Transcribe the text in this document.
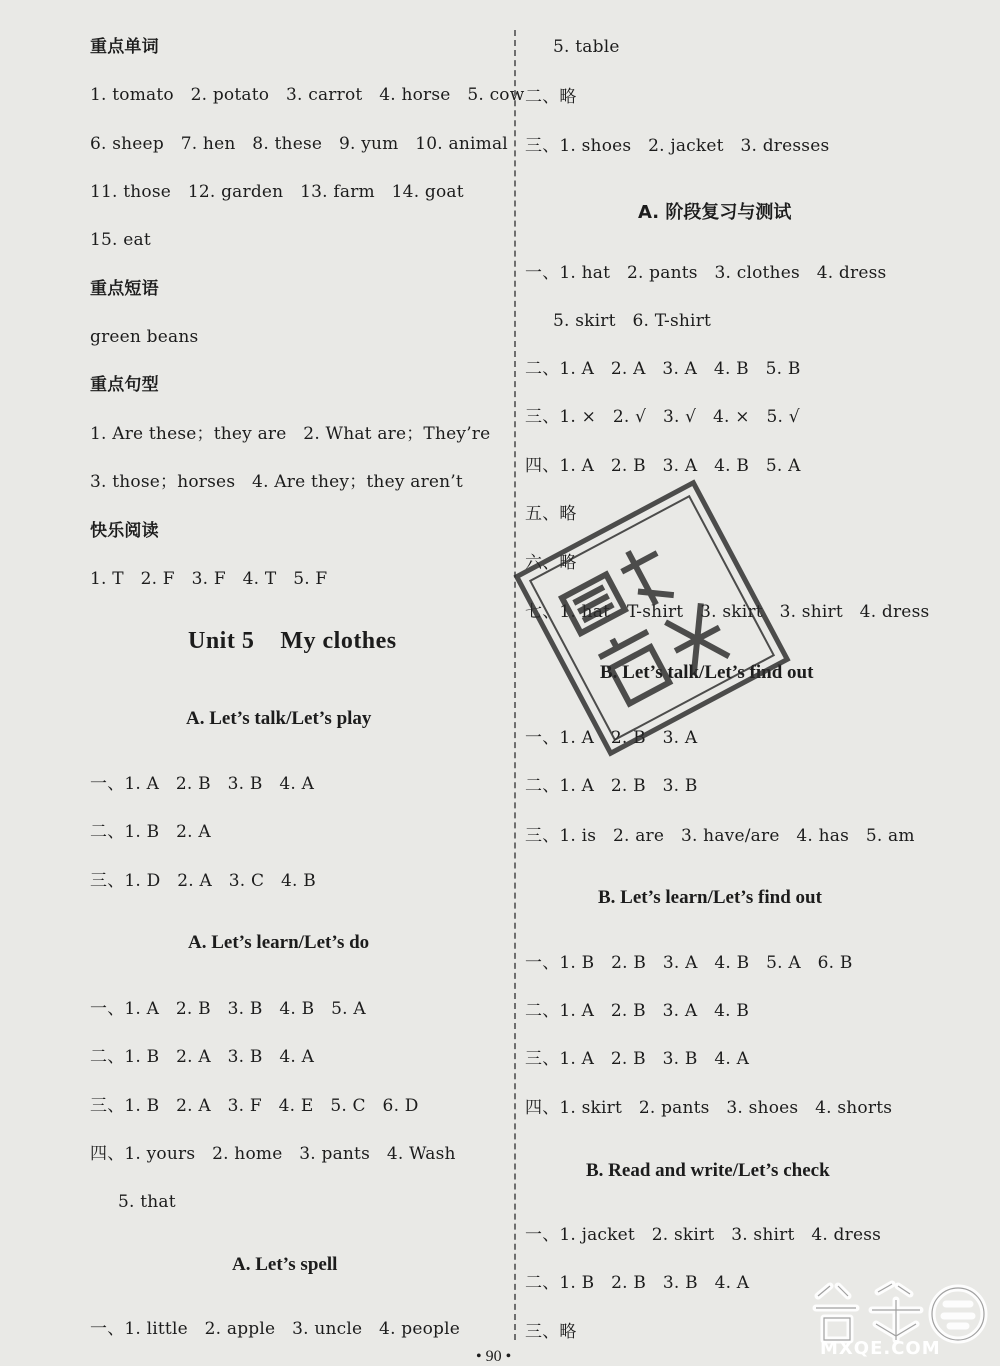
重点单词
1. tomato   2. potato   3. carrot   4. horse   5. cow
6. sheep   7. hen   8. these   9. yum   10. animal
11. those   12. garden   13. farm   14. goat
15. eat
重点短语
green beans
重点句型
1. Are these；they are   2. What are；They’re
3. those；horses   4. Are they；they aren’t
快乐阅读
1. T   2. F   3. F   4. T   5. F
Unit 5    My clothes
A. Let’s talk/Let’s play
一、1. A   2. B   3. B   4. A
二、1. B   2. A
三、1. D   2. A   3. C   4. B
A. Let’s learn/Let’s do
一、1. A   2. B   3. B   4. B   5. A
二、1. B   2. A   3. B   4. A
三、1. B   2. A   3. F   4. E   5. C   6. D
四、1. yours   2. home   3. pants   4. Wash
5. that
A. Let’s spell
一、1. little   2. apple   3. uncle   4. people
5. table
二、略
三、1. shoes   2. jacket   3. dresses
A. 阶段复习与测试
一、1. hat   2. pants   3. clothes   4. dress
5. skirt   6. T-shirt
二、1. A   2. A   3. A   4. B   5. B
三、1. ×   2. √   3. √   4. ×   5. √
四、1. A   2. B   3. A   4. B   5. A
五、略
六、略
七、1. hat   T-shirt   3. skirt   3. shirt   4. dress
B. Let’s talk/Let’s find out
一、1. A   2. B   3. A
二、1. A   2. B   3. B
三、1. is   2. are   3. have/are   4. has   5. am
B. Let’s learn/Let’s find out
一、1. B   2. B   3. A   4. B   5. A   6. B
二、1. A   2. B   3. A   4. B
三、1. A   2. B   3. B   4. A
四、1. skirt   2. pants   3. shoes   4. shorts
B. Read and write/Let’s check
一、1. jacket   2. skirt   3. shirt   4. dress
二、1. B   2. B   3. B   4. A
三、略
MXQE.COM
• 90 •
